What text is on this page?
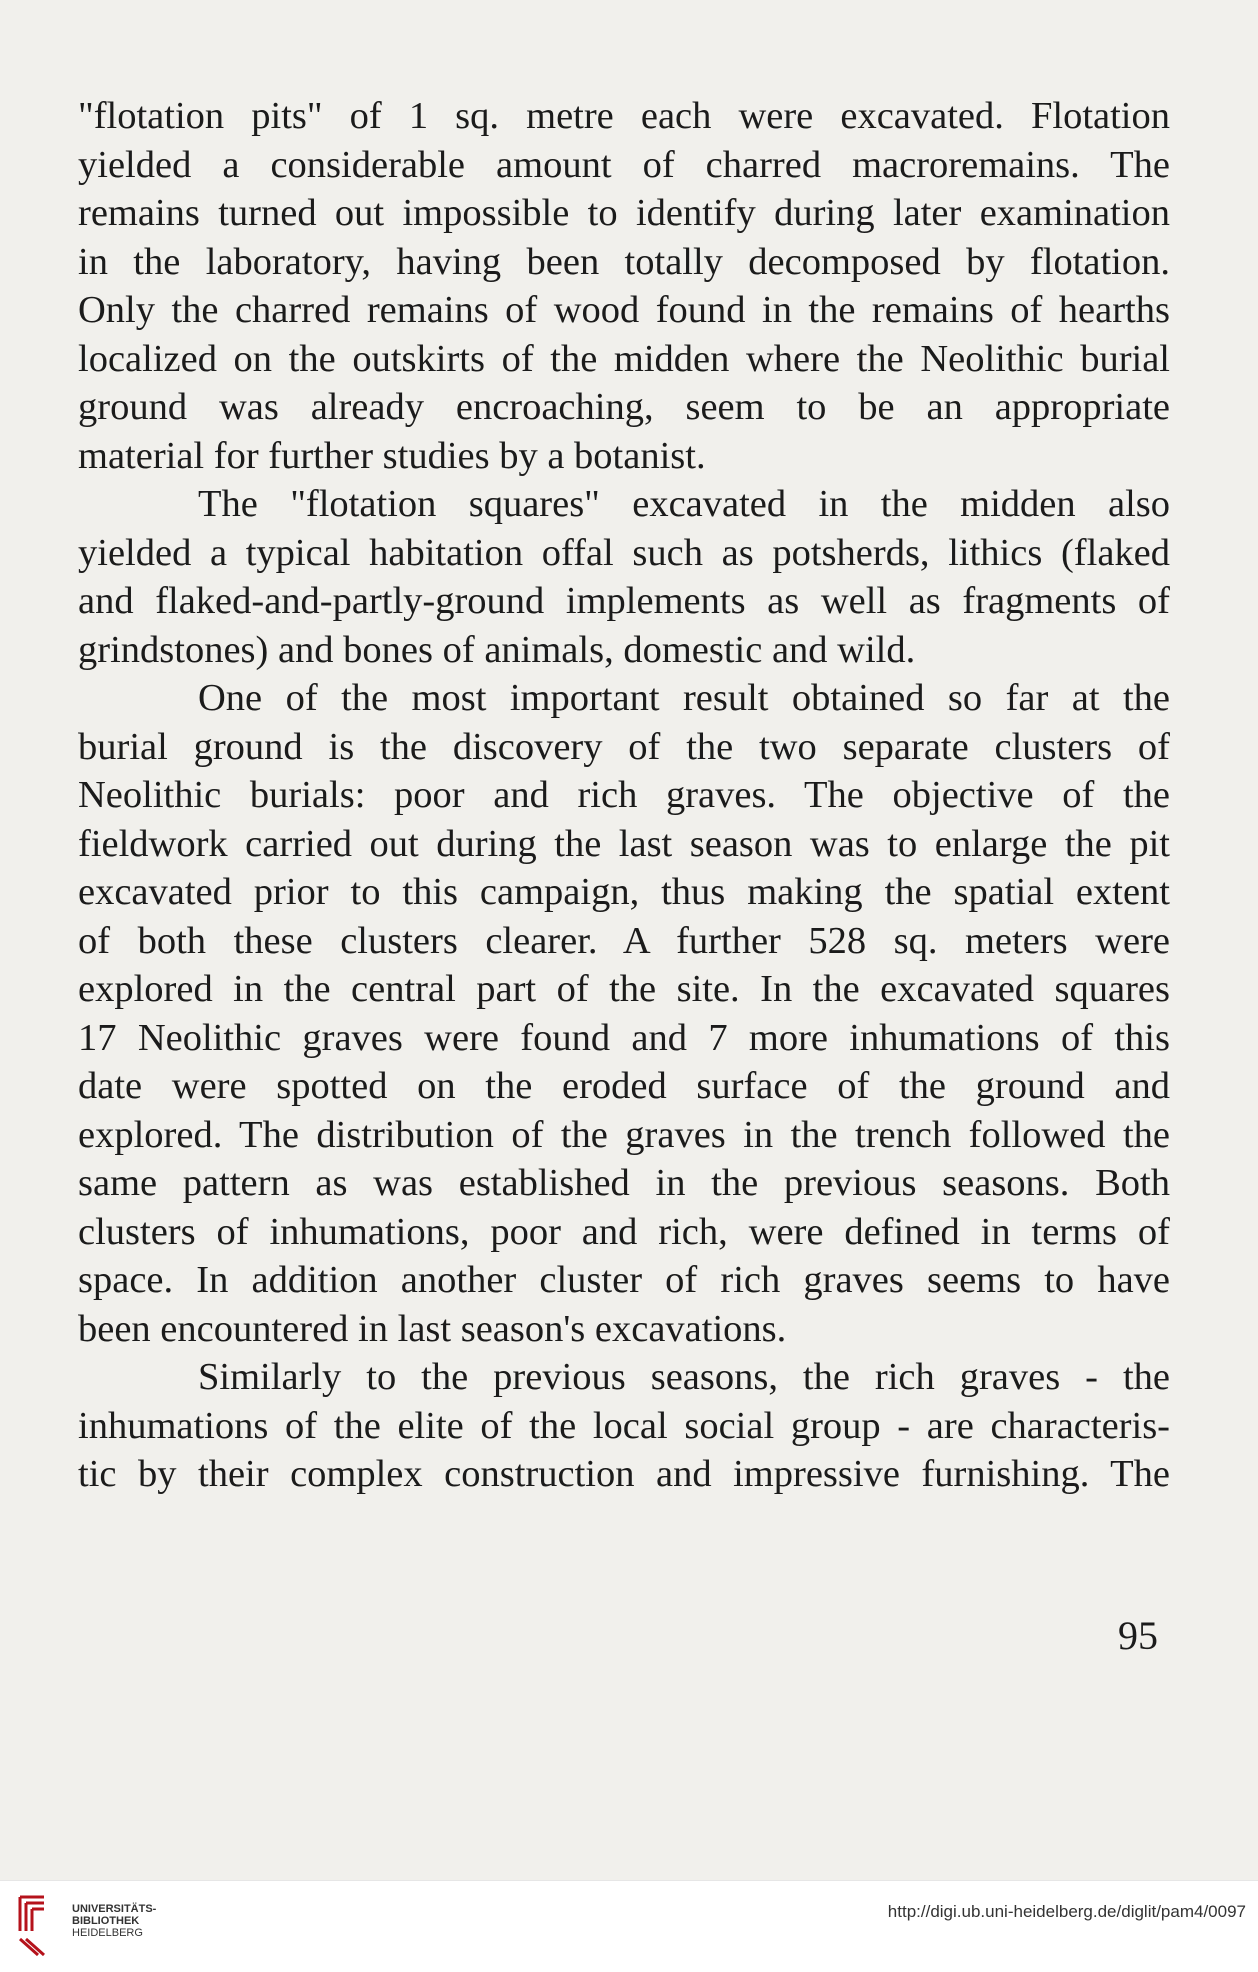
"flotation pits" of 1 sq. metre each were excavated. Flotation
yielded a considerable amount of charred macroremains. The
remains turned out impossible to identify during later examination
in the laboratory, having been totally decomposed by flotation.
Only the charred remains of wood found in the remains of hearths
localized on the outskirts of the midden where the Neolithic burial
ground was already encroaching, seem to be an appropriate
material for further studies by a botanist.
The "flotation squares" excavated in the midden also
yielded a typical habitation offal such as potsherds, lithics (flaked
and flaked-and-partly-ground implements as well as fragments of
grindstones) and bones of animals, domestic and wild.
One of the most important result obtained so far at the
burial ground is the discovery of the two separate clusters of
Neolithic burials: poor and rich graves. The objective of the
fieldwork carried out during the last season was to enlarge the pit
excavated prior to this campaign, thus making the spatial extent
of both these clusters clearer. A further 528 sq. meters were
explored in the central part of the site. In the excavated squares
17 Neolithic graves were found and 7 more inhumations of this
date were spotted on the eroded surface of the ground and
explored. The distribution of the graves in the trench followed the
same pattern as was established in the previous seasons. Both
clusters of inhumations, poor and rich, were defined in terms of
space. In addition another cluster of rich graves seems to have
been encountered in last season's excavations.
Similarly to the previous seasons, the rich graves - the
inhumations of the elite of the local social group - are characteris-
tic by their complex construction and impressive furnishing. The
95
UNIVERSITÄTS-
BIBLIOTHEK
HEIDELBERG
http://digi.ub.uni-heidelberg.de/diglit/pam4/0097
